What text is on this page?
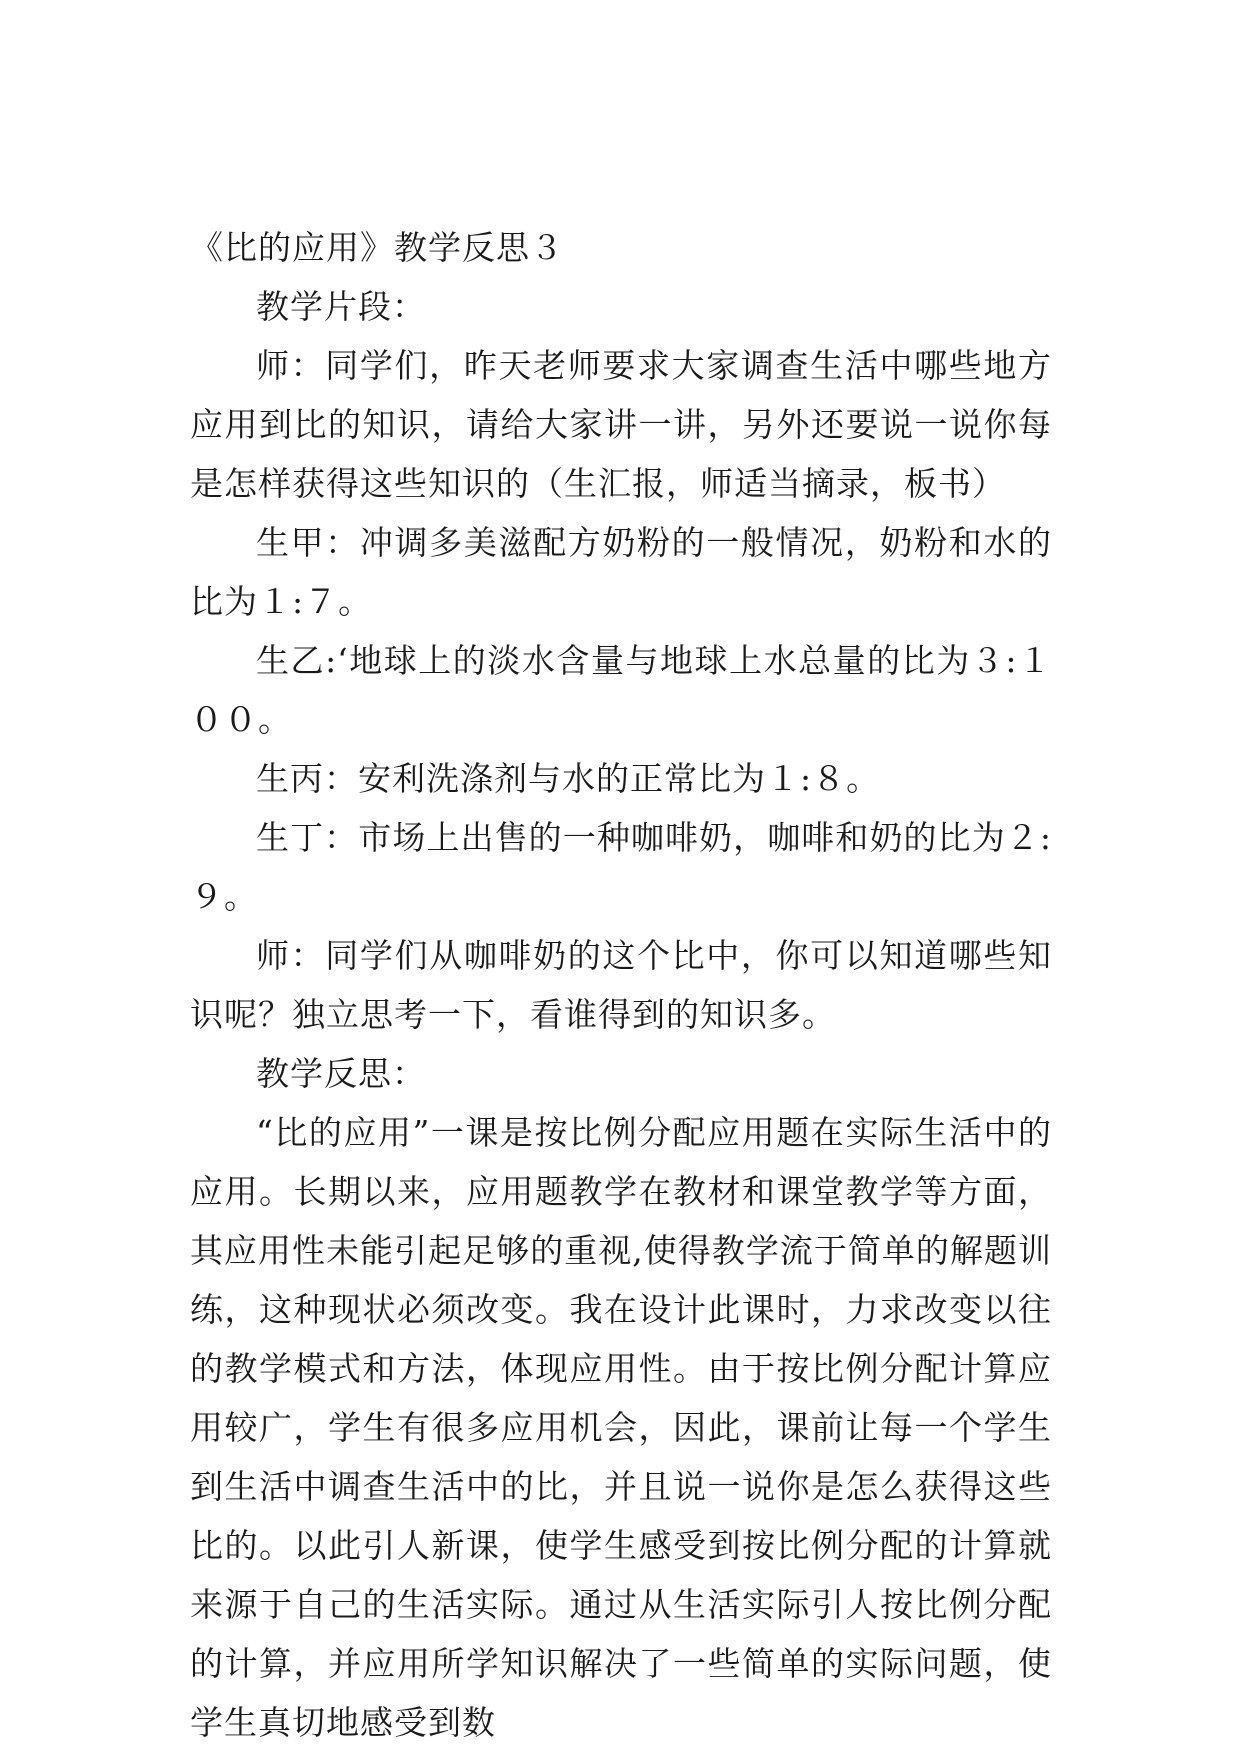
《比的应用》教学反思３

教学片段：

师：同学们，昨天老师要求大家调查生活中哪些地方应用到比的知识，请给大家讲一讲，另外还要说一说你每是怎样获得这些知识的（生汇报，师适当摘录，板书）

生甲：冲调多美滋配方奶粉的一般情况，奶粉和水的比为１:７。

生乙:‘地球上的淡水含量与地球上水总量的比为３:１００。

生丙：安利洗涤剂与水的正常比为１:８。

生丁：市场上出售的一种咖啡奶，咖啡和奶的比为２:９。

师：同学们从咖啡奶的这个比中，你可以知道哪些知识呢？独立思考一下，看谁得到的知识多。

教学反思：

“比的应用”一课是按比例分配应用题在实际生活中的应用。长期以来，应用题教学在教材和课堂教学等方面，其应用性未能引起足够的重视,使得教学流于简单的解题训练，这种现状必须改变。我在设计此课时，力求改变以往的教学模式和方法，体现应用性。由于按比例分配计算应用较广，学生有很多应用机会，因此，课前让每一个学生到生活中调查生活中的比，并且说一说你是怎么获得这些比的。以此引人新课，使学生感受到按比例分配的计算就来源于自己的生活实际。通过从生活实际引人按比例分配的计算，并应用所学知识解决了一些简单的实际问题，使学生真切地感受到数
